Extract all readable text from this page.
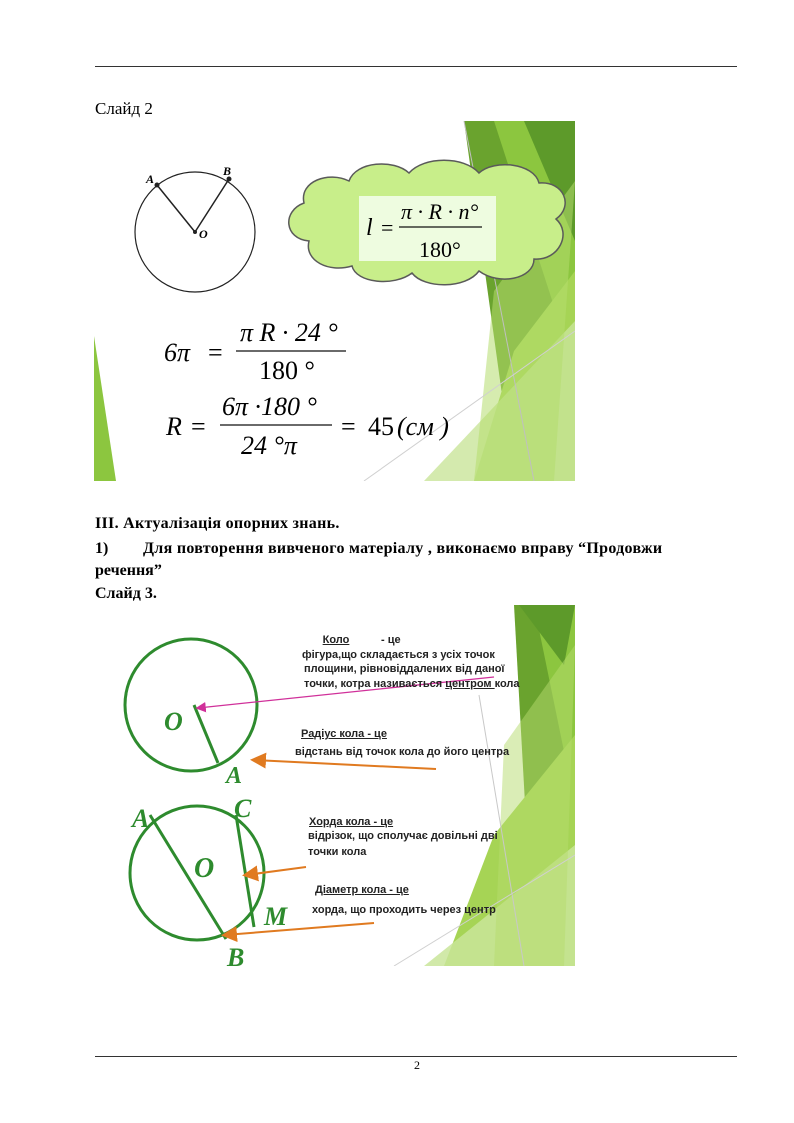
Слайд 2
A
B
O	l =
π · R · n°
180°
6π =
π R · 24 °
180 °
R =
6π ·180 °
24 °π
= 45 (см )
III. Актуалізація опорних знань.
1) Для повторення вивченого матеріалу , виконаємо вправу “Продовжи
речення”
Слайд 3.
O
A
A	C
O
M
B
Коло	- це
фігура,що складається з усіх точок
площини, рівновіддалених від даної
точки, котра називається центром кола
Радіус кола - це
відстань від точок кола до його центра
Хорда кола - це
відрізок, що сполучає довільні дві
точки кола
Діаметр кола - це
хорда, що проходить через центр
2
